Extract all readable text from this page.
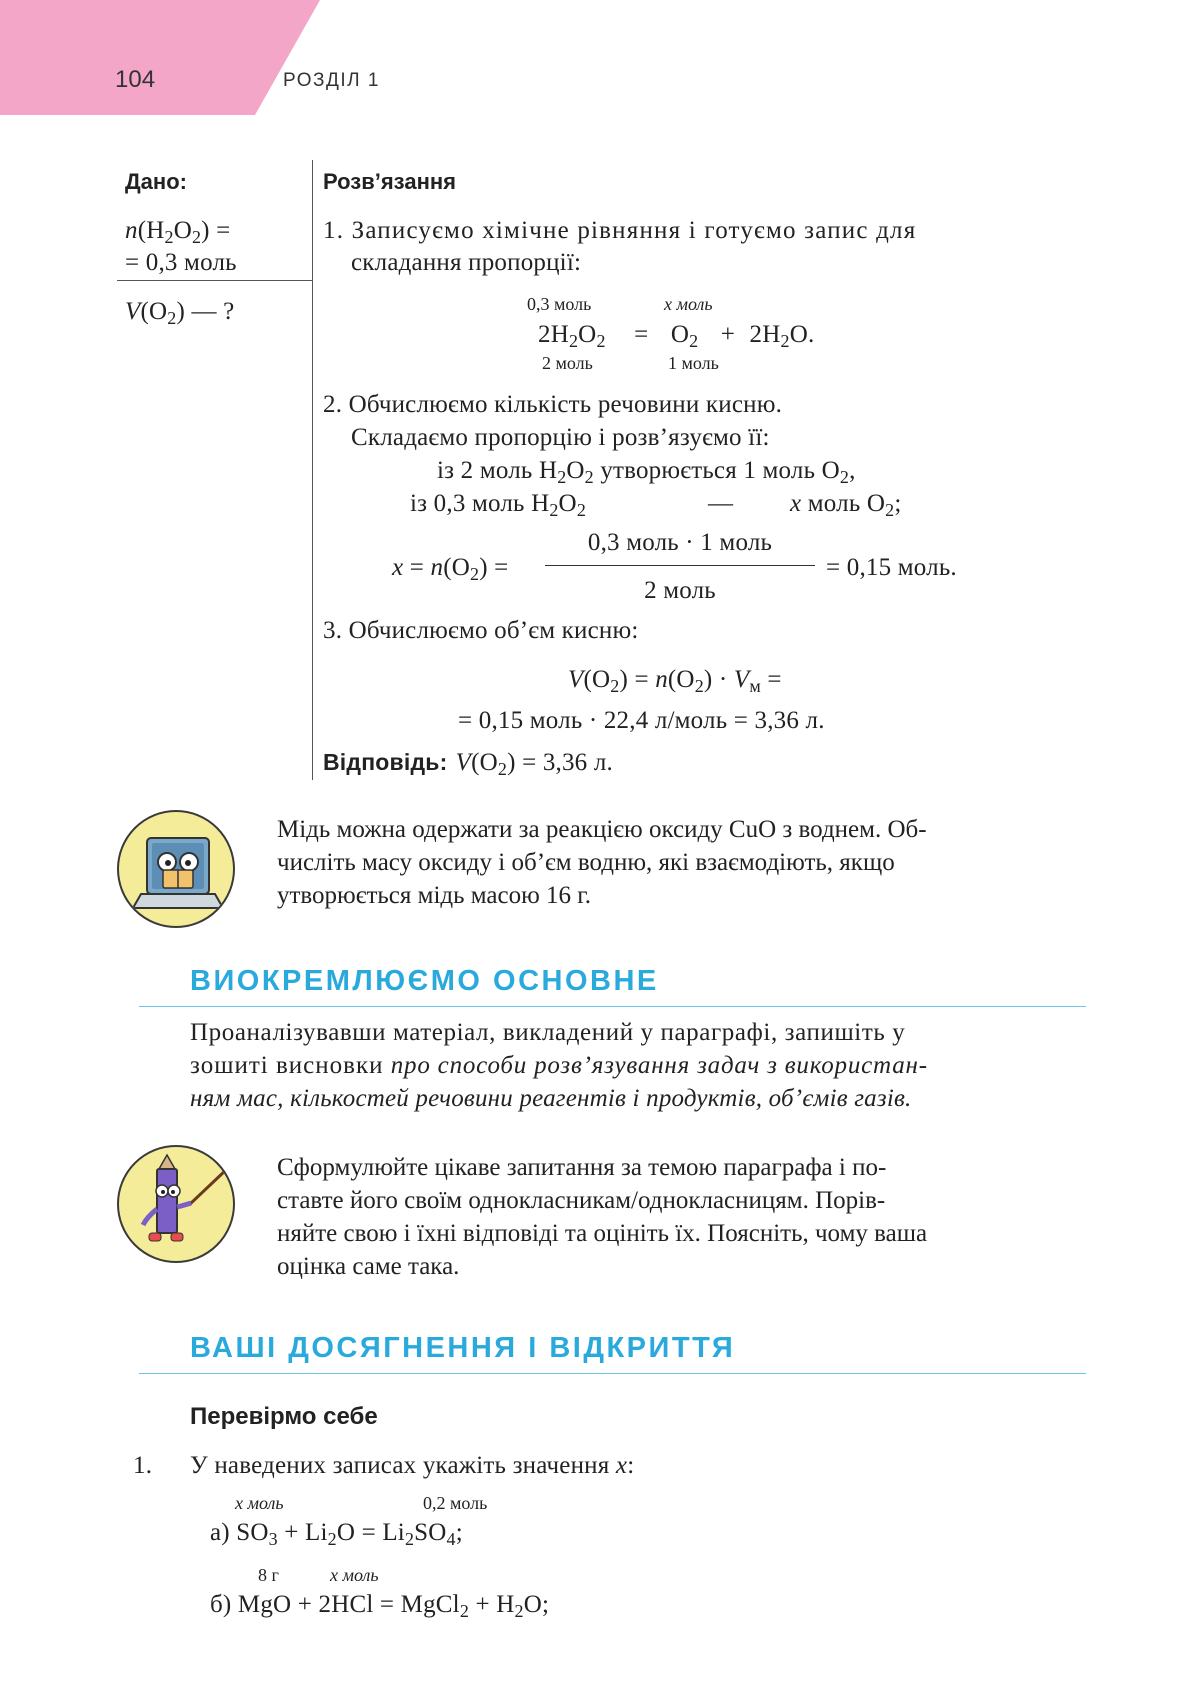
104	РОЗДІЛ 1
Дано:
$n(H_2O_2)$ =
= 0,3 моль
$V(O_2)$ — ?
Розв’язання
1. Записуємо хімічне рівняння і готуємо запис для
складання пропорції:
0,3 моль	x моль
$2H_2O_2 = O_2 + 2H_2O$.
2 моль	1 моль
2. Обчислюємо кількість речовини кисню.
Складаємо пропорцію і розв’язуємо її:
із 2 моль $H_2O_2$ утворюється 1 моль $O_2$,
із 0,3 моль $H_2O_2$	— x моль $O_2$;
$x = n(O_2)$ =
0,3 моль · 1 моль
2 моль
= 0,15 моль.
3. Обчислюємо об’єм кисню:
$V(O_2) = n(O_2) \cdot V_м$ =
= 0,15 моль · 22,4 л/моль = 3,36 л.
Відповідь: $V(O_2) = 3,36$ л.
Мідь можна одержати за реакцією оксиду CuO з воднем. Об-
числіть масу оксиду і об’єм водню, які взаємодіють, якщо
утворюється мідь масою 16 г.
ВИОКРЕМЛЮЄМО ОСНОВНЕ
Проаналізувавши матеріал, викладений у параграфі, запишіть у
зошиті висновки про способи розв’язування задач з використан-
ням мас, кількостей речовини реагентів і продуктів, об’ємів газів.
Сформулюйте цікаве запитання за темою параграфа і по-
ставте його своїм однокласникам/однокласницям. Порів-
няйте свою і їхні відповіді та оцініть їх. Поясніть, чому ваша
оцінка саме така.
ВАШІ ДОСЯГНЕННЯ І ВІДКРИТТЯ
Перевірмо себе
1. У наведених записах укажіть значення x:
x моль	0,2 моль
а) $SO_3 + Li_2O = Li_2SO_4$;
8 г	x моль
б) MgO + 2HCl = MgCl$_2$ + $H_2O$;
